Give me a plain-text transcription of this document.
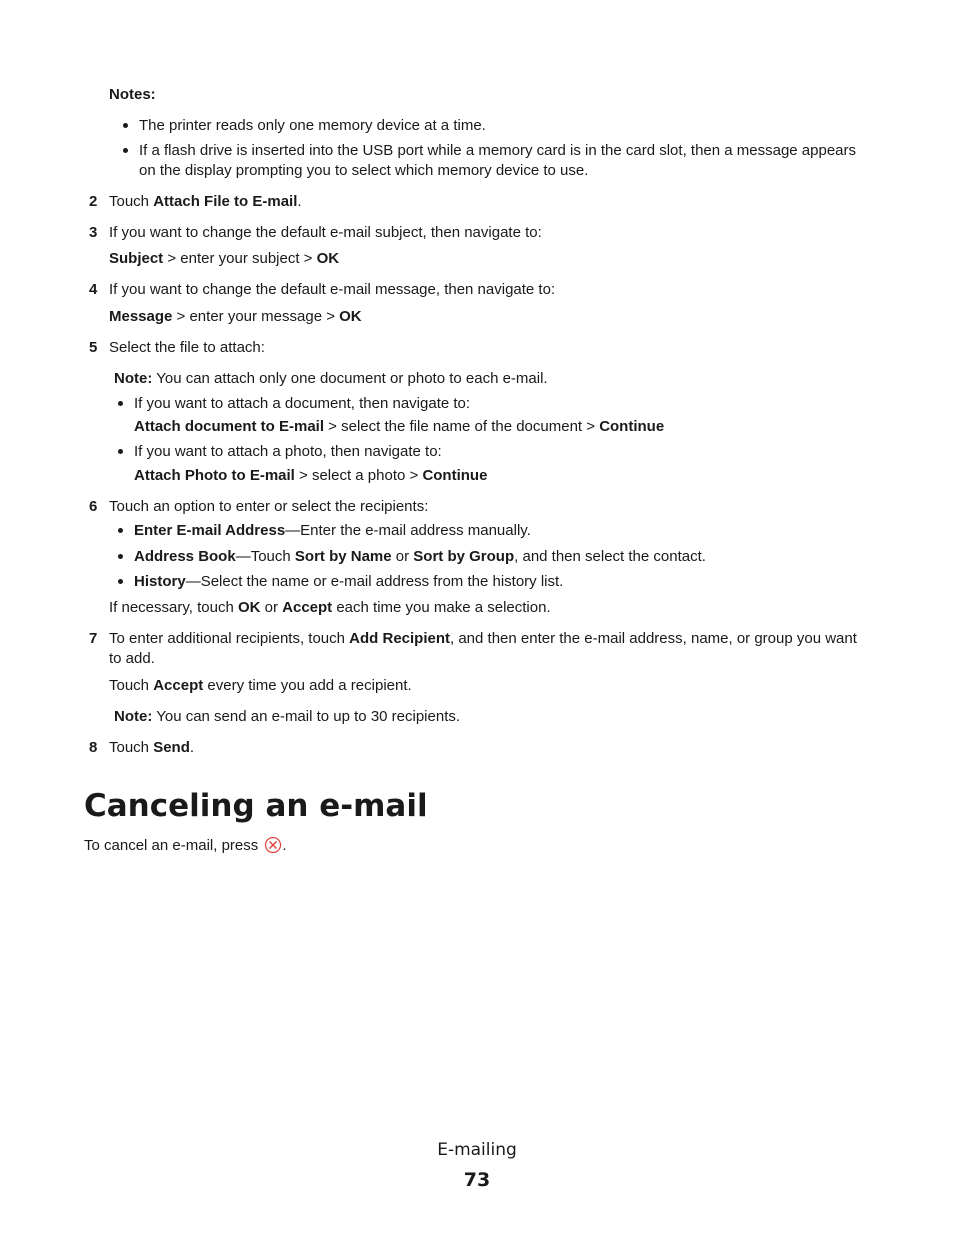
Notes:
The printer reads only one memory device at a time.
If a flash drive is inserted into the USB port while a memory card is in the card slot, then a message appears
on the display prompting you to select which memory device to use.
2 Touch Attach File to E-mail.
3 If you want to change the default e-mail subject, then navigate to:
Subject > enter your subject > OK
4 If you want to change the default e-mail message, then navigate to:
Message > enter your message > OK
5 Select the file to attach:
Note: You can attach only one document or photo to each e-mail.
If you want to attach a document, then navigate to:
Attach document to E-mail > select the file name of the document > Continue
If you want to attach a photo, then navigate to:
Attach Photo to E-mail > select a photo > Continue
6 Touch an option to enter or select the recipients:
Enter E-mail Address—Enter the e-mail address manually.
Address Book—Touch Sort by Name or Sort by Group, and then select the contact.
History—Select the name or e-mail address from the history list.
If necessary, touch OK or Accept each time you make a selection.
7 To enter additional recipients, touch Add Recipient, and then enter the e-mail address, name, or group you want
to add.
Touch Accept every time you add a recipient.
Note: You can send an e-mail to up to 30 recipients.
8 Touch Send.
Canceling an e-mail
To cancel an e-mail, press .
E-mailing
73
